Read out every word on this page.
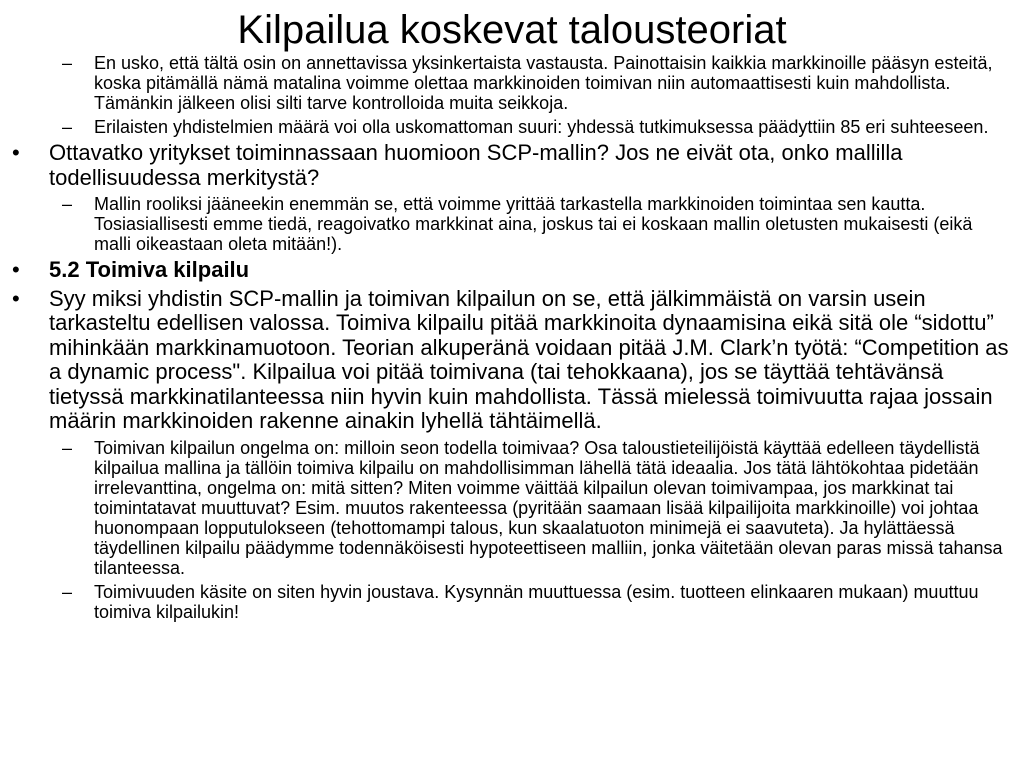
Kilpailua koskevat talousteoriat
– En usko, että tältä osin on annettavissa yksinkertaista vastausta. Painottaisin kaikkia markkinoille pääsyn esteitä, koska pitämällä nämä matalina voimme olettaa markkinoiden toimivan niin automaattisesti kuin mahdollista. Tämänkin jälkeen olisi silti tarve kontrolloida muita seikkoja.
– Erilaisten yhdistelmien määrä voi olla uskomattoman suuri: yhdessä tutkimuksessa päädyttiin 85 eri suhteeseen.
• Ottavatko yritykset toiminnassaan huomioon SCP-mallin? Jos ne eivät ota, onko mallilla todellisuudessa merkitystä?
– Mallin rooliksi jääneekin enemmän se, että voimme yrittää tarkastella markkinoiden toimintaa sen kautta. Tosiasiallisesti emme tiedä, reagoivatko markkinat aina, joskus tai ei koskaan mallin oletusten mukaisesti (eikä malli oikeastaan oleta mitään!).
• 5.2 Toimiva kilpailu
• Syy miksi yhdistin SCP-mallin ja toimivan kilpailun on se, että jälkimmäistä on varsin usein tarkasteltu edellisen valossa. Toimiva kilpailu pitää markkinoita dynaamisina eikä sitä ole “sidottu” mihinkään markkinamuotoon. Teorian alkuperänä voidaan pitää J.M. Clark’n työtä: “Competition as a dynamic process". Kilpailua voi pitää toimivana (tai tehokkaana), jos se täyttää tehtävänsä tietyssä markkinatilanteessa niin hyvin kuin mahdollista. Tässä mielessä toimivuutta rajaa jossain määrin markkinoiden rakenne ainakin lyhellä tähtäimellä.
– Toimivan kilpailun ongelma on: milloin seon todella toimivaa? Osa taloustieteilijöistä käyttää edelleen täydellistä kilpailua mallina ja tällöin toimiva kilpailu on mahdollisimman lähellä tätä ideaalia. Jos tätä lähtökohtaa pidetään irrelevanttina, ongelma on: mitä sitten? Miten voimme väittää kilpailun olevan toimivampaa, jos markkinat tai toimintatavat muuttuvat? Esim. muutos rakenteessa (pyritään saamaan lisää kilpailijoita markkinoille) voi johtaa huonompaan lopputulokseen (tehottomampi talous, kun skaalatuoton minimejä ei saavuteta). Ja hylättäessä täydellinen kilpailu päädymme todennäköisesti hypoteettiseen malliin, jonka väitetään olevan paras missä tahansa tilanteessa.
– Toimivuuden käsite on siten hyvin joustava. Kysynnän muuttuessa (esim. tuotteen elinkaaren mukaan) muuttuu toimiva kilpailukin!
